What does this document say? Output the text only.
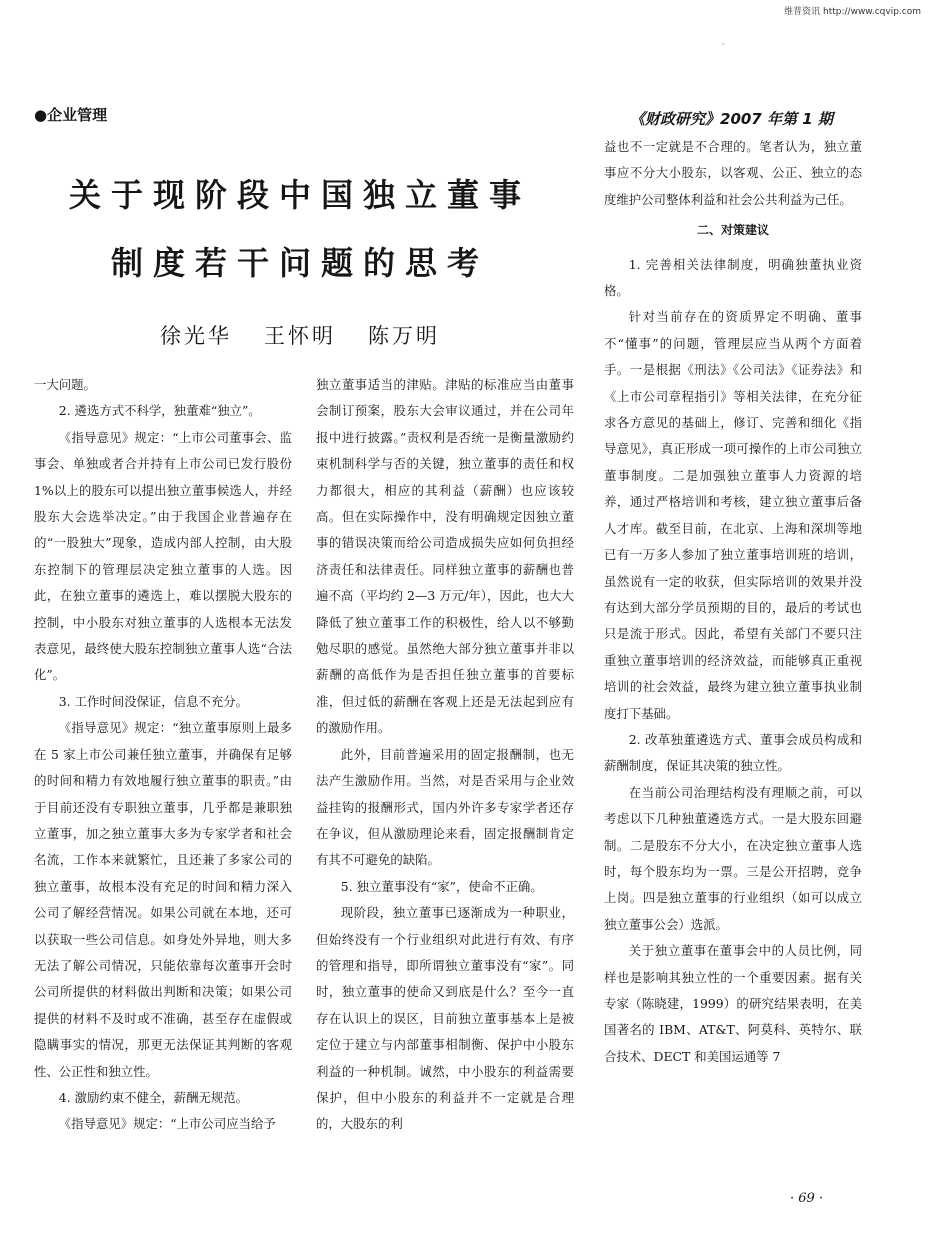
维普资讯 http://www.cqvip.com
·
●企业管理	《财政研究》2007 年第 1 期
关于现阶段中国独立董事
制度若干问题的思考
徐光华 王怀明 陈万明

一大问题。

2. 遴选方式不科学，独董难“独立”。

《指导意见》规定：“上市公司董事会、监事会、单独或者合并持有上市公司已发行股份 1%以上的股东可以提出独立董事候选人，并经股东大会选举决定。”由于我国企业普遍存在的“一股独大”现象，造成内部人控制，由大股东控制下的管理层决定独立董事的人选。因此，在独立董事的遴选上，难以摆脱大股东的控制，中小股东对独立董事的人选根本无法发表意见，最终使大股东控制独立董事人选“合法化”。

3. 工作时间没保证，信息不充分。

《指导意见》规定：“独立董事原则上最多在 5 家上市公司兼任独立董事，并确保有足够的时间和精力有效地履行独立董事的职责。”由于目前还没有专职独立董事，几乎都是兼职独立董事，加之独立董事大多为专家学者和社会名流，工作本来就繁忙，且还兼了多家公司的独立董事，故根本没有充足的时间和精力深入公司了解经营情况。如果公司就在本地，还可以获取一些公司信息。如身处外异地，则大多无法了解公司情况，只能依靠每次董事开会时公司所提供的材料做出判断和决策；如果公司提供的材料不及时或不准确，甚至存在虚假或隐瞒事实的情况，那更无法保证其判断的客观性、公正性和独立性。

4. 激励约束不健全，薪酬无规范。

《指导意见》规定：“上市公司应当给予

独立董事适当的津贴。津贴的标准应当由董事会制订预案，股东大会审议通过，并在公司年报中进行披露。”责权利是否统一是衡量激励约束机制科学与否的关键，独立董事的责任和权力都很大，相应的其利益（薪酬）也应该较高。但在实际操作中，没有明确规定因独立董事的错误决策而给公司造成损失应如何负担经济责任和法律责任。同样独立董事的薪酬也普遍不高（平均约 2—3 万元/年），因此，也大大降低了独立董事工作的积极性，给人以不够勤勉尽职的感觉。虽然绝大部分独立董事并非以薪酬的高低作为是否担任独立董事的首要标准，但过低的薪酬在客观上还是无法起到应有的激励作用。

此外，目前普遍采用的固定报酬制，也无法产生激励作用。当然，对是否采用与企业效益挂钩的报酬形式，国内外许多专家学者还存在争议，但从激励理论来看，固定报酬制肯定有其不可避免的缺陷。

5. 独立董事没有“家”，使命不正确。

现阶段，独立董事已逐渐成为一种职业，但始终没有一个行业组织对此进行有效、有序的管理和指导，即所谓独立董事没有“家”。同时，独立董事的使命又到底是什么？至今一直存在认识上的误区，目前独立董事基本上是被定位于建立与内部董事相制衡、保护中小股东利益的一种机制。诚然，中小股东的利益需要保护，但中小股东的利益并不一定就是合理的，大股东的利

益也不一定就是不合理的。笔者认为，独立董事应不分大小股东，以客观、公正、独立的态度维护公司整体利益和社会公共利益为己任。

二、对策建议

1. 完善相关法律制度，明确独董执业资格。

针对当前存在的资质界定不明确、董事不“懂事”的问题，管理层应当从两个方面着手。一是根据《刑法》《公司法》《证券法》和《上市公司章程指引》等相关法律，在充分征求各方意见的基础上，修订、完善和细化《指导意见》，真正形成一项可操作的上市公司独立董事制度。二是加强独立董事人力资源的培养，通过严格培训和考核，建立独立董事后备人才库。截至目前，在北京、上海和深圳等地已有一万多人参加了独立董事培训班的培训，虽然说有一定的收获，但实际培训的效果并没有达到大部分学员预期的目的，最后的考试也只是流于形式。因此，希望有关部门不要只注重独立董事培训的经济效益，而能够真正重视培训的社会效益，最终为建立独立董事执业制度打下基础。

2. 改革独董遴选方式、董事会成员构成和薪酬制度，保证其决策的独立性。

在当前公司治理结构没有理顺之前，可以考虑以下几种独董遴选方式。一是大股东回避制。二是股东不分大小，在决定独立董事人选时，每个股东均为一票。三是公开招聘，竞争上岗。四是独立董事的行业组织（如可以成立独立董事公会）选派。

关于独立董事在董事会中的人员比例，同样也是影响其独立性的一个重要因素。据有关专家（陈晓建，1999）的研究结果表明，在美国著名的 IBM、AT&T、阿莫科、英特尔、联合技术、DECT 和美国运通等 7

· 69 ·
